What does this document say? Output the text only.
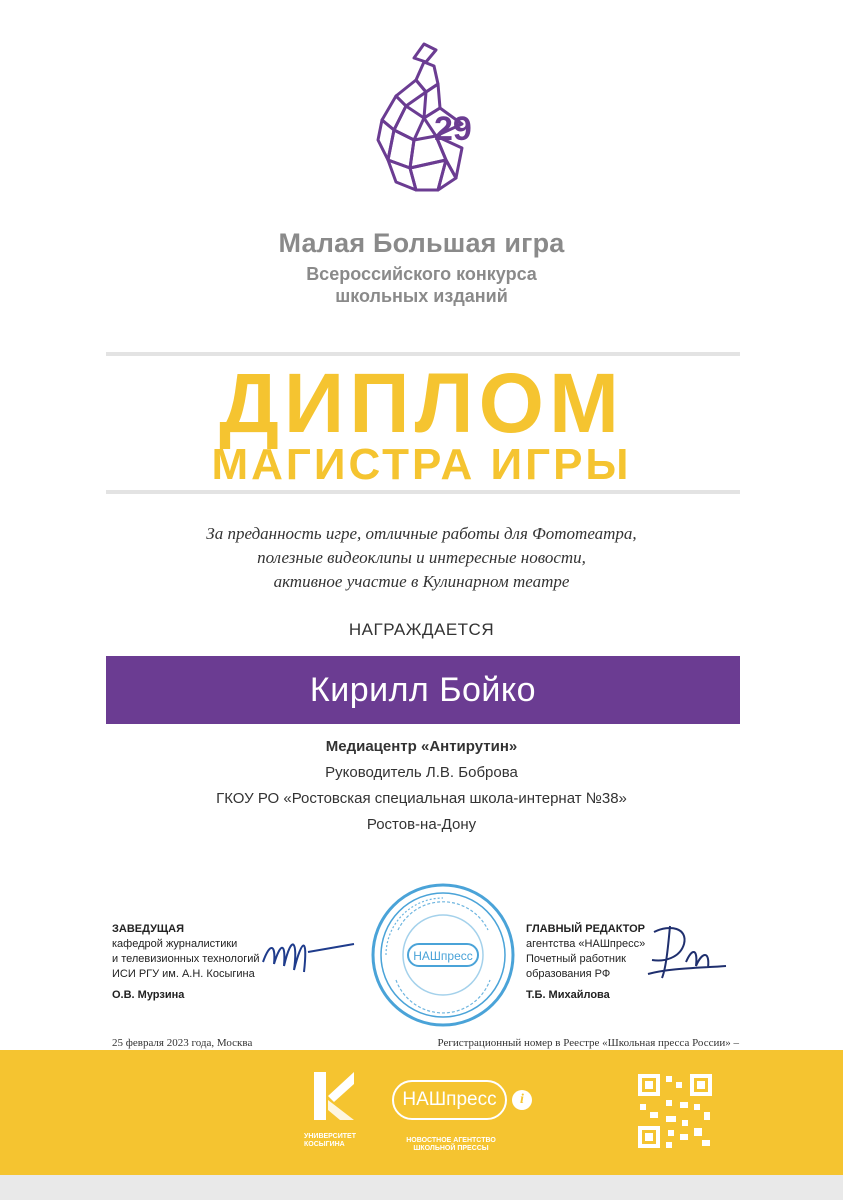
29
Малая Большая игра
Всероссийского конкурса
школьных изданий
ДИПЛОМ
МАГИСТРА ИГРЫ
За преданность игре, отличные работы для Фототеатра,
полезные видеоклипы и интересные новости,
активное участие в Кулинарном театре
НАГРАЖДАЕТСЯ
Кирилл Бойко
Медиацентр «Антирутин»
Руководитель Л.В. Боброва
ГКОУ РО «Ростовская специальная школа-интернат №38»
Ростов-на-Дону
ЗАВЕДУЩАЯ
кафедрой журналистики
и телевизионных технологий
ИСИ РГУ им. А.Н. Косыгина
О.В. Мурзина
НАШпресс
ГЛАВНЫЙ РЕДАКТОР
агентства «НАШпресс»
Почетный работник
образования РФ
Т.Б. Михайлова
25 февраля 2023 года, Москва	Регистрационный номер в Реестре «Школьная пресса России» –
УНИВЕРСИТЕТ
КОСЫГИНА
НАШпресс	i
НОВОСТНОЕ АГЕНТСТВО
ШКОЛЬНОЙ ПРЕССЫ
